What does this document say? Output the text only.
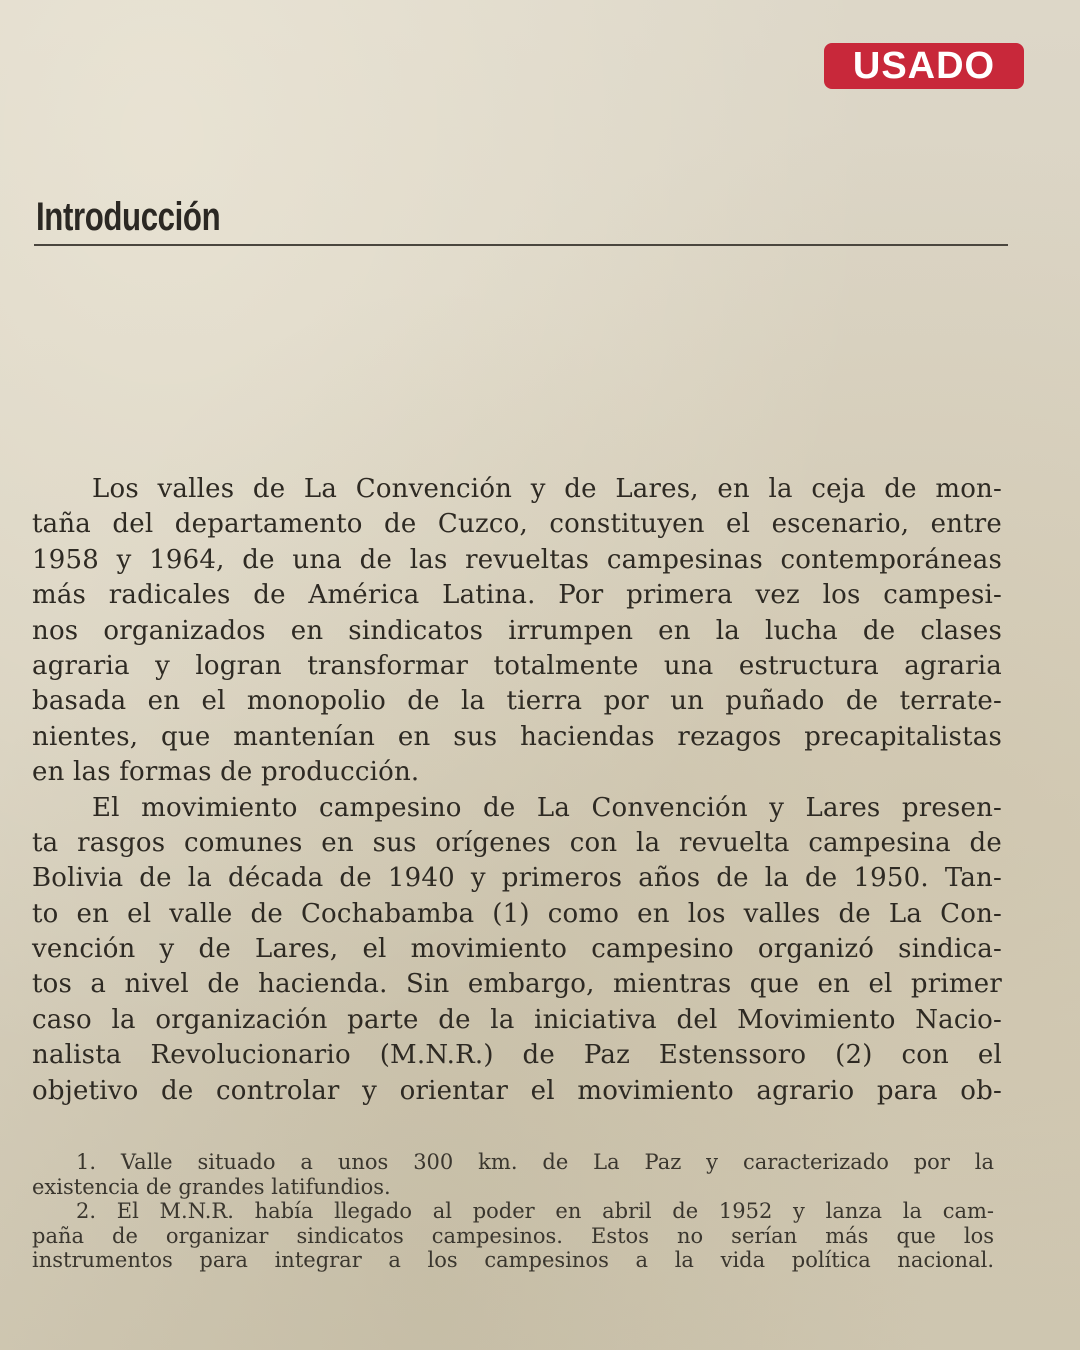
USADO
Introducción
Los valles de La Convención y de Lares, en la ceja de mon-
taña del departamento de Cuzco, constituyen el escenario, entre
1958 y 1964, de una de las revueltas campesinas contemporáneas
más radicales de América Latina. Por primera vez los campesi-
nos organizados en sindicatos irrumpen en la lucha de clases
agraria y logran transformar totalmente una estructura agraria
basada en el monopolio de la tierra por un puñado de terrate-
nientes, que mantenían en sus haciendas rezagos precapitalistas
en las formas de producción.
El movimiento campesino de La Convención y Lares presen-
ta rasgos comunes en sus orígenes con la revuelta campesina de
Bolivia de la década de 1940 y primeros años de la de 1950. Tan-
to en el valle de Cochabamba (1) como en los valles de La Con-
vención y de Lares, el movimiento campesino organizó sindica-
tos a nivel de hacienda. Sin embargo, mientras que en el primer
caso la organización parte de la iniciativa del Movimiento Nacio-
nalista Revolucionario (M.N.R.) de Paz Estenssoro (2) con el
objetivo de controlar y orientar el movimiento agrario para ob-
1. Valle situado a unos 300 km. de La Paz y caracterizado por la
existencia de grandes latifundios.
2. El M.N.R. había llegado al poder en abril de 1952 y lanza la cam-
paña de organizar sindicatos campesinos. Estos no serían más que los
instrumentos para integrar a los campesinos a la vida política nacional.
